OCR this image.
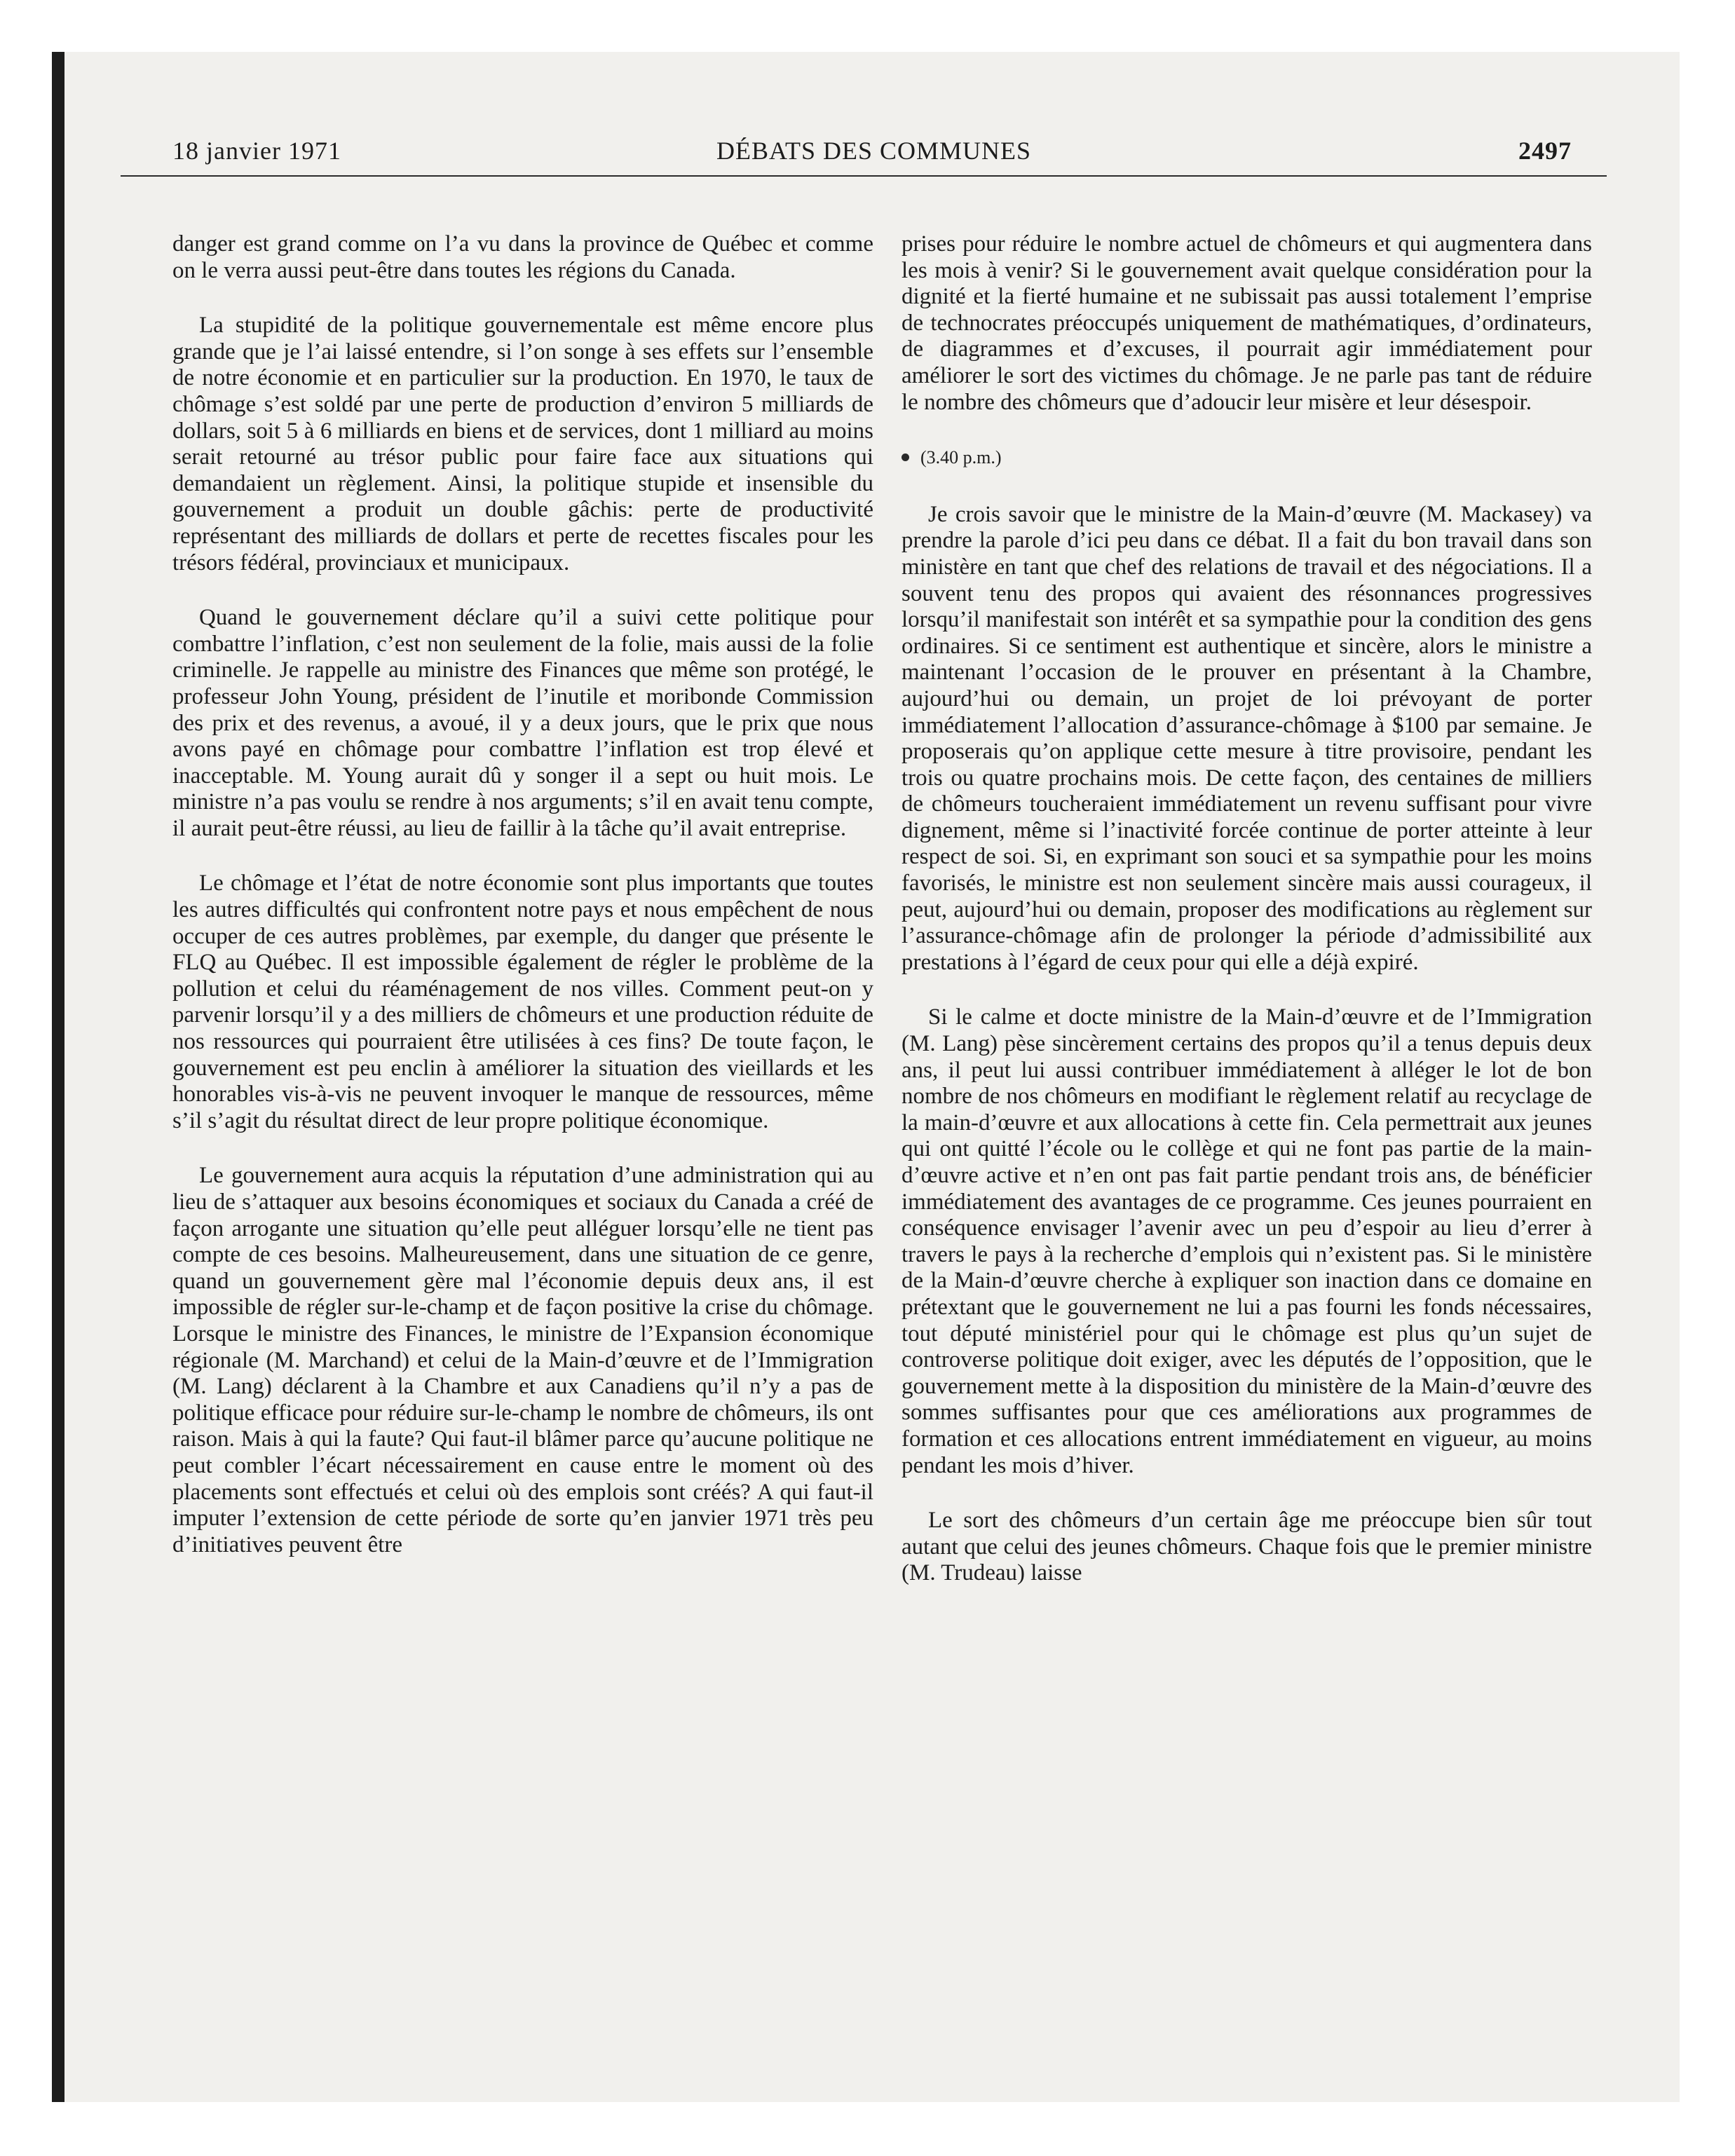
18 janvier 1971	DÉBATS DES COMMUNES	2497

danger est grand comme on l’a vu dans la province de Québec et comme on le verra aussi peut-être dans toutes les régions du Canada.

La stupidité de la politique gouvernementale est même encore plus grande que je l’ai laissé entendre, si l’on songe à ses effets sur l’ensemble de notre économie et en particulier sur la production. En 1970, le taux de chômage s’est soldé par une perte de production d’environ 5 milliards de dollars, soit 5 à 6 milliards en biens et de services, dont 1 milliard au moins serait retourné au trésor public pour faire face aux situations qui demandaient un règlement. Ainsi, la politique stupide et insensible du gouvernement a produit un double gâchis: perte de productivité représentant des milliards de dollars et perte de recettes fiscales pour les trésors fédéral, provinciaux et municipaux.

Quand le gouvernement déclare qu’il a suivi cette politique pour combattre l’inflation, c’est non seulement de la folie, mais aussi de la folie criminelle. Je rappelle au ministre des Finances que même son protégé, le professeur John Young, président de l’inutile et moribonde Commission des prix et des revenus, a avoué, il y a deux jours, que le prix que nous avons payé en chômage pour combattre l’inflation est trop élevé et inacceptable. M. Young aurait dû y songer il a sept ou huit mois. Le ministre n’a pas voulu se rendre à nos arguments; s’il en avait tenu compte, il aurait peut-être réussi, au lieu de faillir à la tâche qu’il avait entreprise.

Le chômage et l’état de notre économie sont plus importants que toutes les autres difficultés qui confrontent notre pays et nous empêchent de nous occuper de ces autres problèmes, par exemple, du danger que présente le FLQ au Québec. Il est impossible également de régler le problème de la pollution et celui du réaménagement de nos villes. Comment peut-on y parvenir lorsqu’il y a des milliers de chômeurs et une production réduite de nos ressources qui pourraient être utilisées à ces fins? De toute façon, le gouvernement est peu enclin à améliorer la situation des vieillards et les honorables vis-à-vis ne peuvent invoquer le manque de ressources, même s’il s’agit du résultat direct de leur propre politique économique.

Le gouvernement aura acquis la réputation d’une administration qui au lieu de s’attaquer aux besoins économiques et sociaux du Canada a créé de façon arrogante une situation qu’elle peut alléguer lorsqu’elle ne tient pas compte de ces besoins. Malheureusement, dans une situation de ce genre, quand un gouvernement gère mal l’économie depuis deux ans, il est impossible de régler sur-le-champ et de façon positive la crise du chômage. Lorsque le ministre des Finances, le ministre de l’Expansion économique régionale (M. Marchand) et celui de la Main-d’œuvre et de l’Immigration (M. Lang) déclarent à la Chambre et aux Canadiens qu’il n’y a pas de politique efficace pour réduire sur-le-champ le nombre de chômeurs, ils ont raison. Mais à qui la faute? Qui faut-il blâmer parce qu’aucune politique ne peut combler l’écart nécessairement en cause entre le moment où des placements sont effectués et celui où des emplois sont créés? A qui faut-il imputer l’extension de cette période de sorte qu’en janvier 1971 très peu d’initiatives peuvent être

prises pour réduire le nombre actuel de chômeurs et qui augmentera dans les mois à venir? Si le gouvernement avait quelque considération pour la dignité et la fierté humaine et ne subissait pas aussi totalement l’emprise de technocrates préoccupés uniquement de mathématiques, d’ordinateurs, de diagrammes et d’excuses, il pourrait agir immédiatement pour améliorer le sort des victimes du chômage. Je ne parle pas tant de réduire le nombre des chômeurs que d’adoucir leur misère et leur désespoir.

(3.40 p.m.)

Je crois savoir que le ministre de la Main-d’œuvre (M. Mackasey) va prendre la parole d’ici peu dans ce débat. Il a fait du bon travail dans son ministère en tant que chef des relations de travail et des négociations. Il a souvent tenu des propos qui avaient des résonnances progressives lorsqu’il manifestait son intérêt et sa sympathie pour la condition des gens ordinaires. Si ce sentiment est authentique et sincère, alors le ministre a maintenant l’occasion de le prouver en présentant à la Chambre, aujourd’hui ou demain, un projet de loi prévoyant de porter immédiatement l’allocation d’assurance-chômage à $100 par semaine. Je proposerais qu’on applique cette mesure à titre provisoire, pendant les trois ou quatre prochains mois. De cette façon, des centaines de milliers de chômeurs toucheraient immédiatement un revenu suffisant pour vivre dignement, même si l’inactivité forcée continue de porter atteinte à leur respect de soi. Si, en exprimant son souci et sa sympathie pour les moins favorisés, le ministre est non seulement sincère mais aussi courageux, il peut, aujourd’hui ou demain, proposer des modifications au règlement sur l’assurance-chômage afin de prolonger la période d’admissibilité aux prestations à l’égard de ceux pour qui elle a déjà expiré.

Si le calme et docte ministre de la Main-d’œuvre et de l’Immigration (M. Lang) pèse sincèrement certains des propos qu’il a tenus depuis deux ans, il peut lui aussi contribuer immédiatement à alléger le lot de bon nombre de nos chômeurs en modifiant le règlement relatif au recyclage de la main-d’œuvre et aux allocations à cette fin. Cela permettrait aux jeunes qui ont quitté l’école ou le collège et qui ne font pas partie de la main-d’œuvre active et n’en ont pas fait partie pendant trois ans, de bénéficier immédiatement des avantages de ce programme. Ces jeunes pourraient en conséquence envisager l’avenir avec un peu d’espoir au lieu d’errer à travers le pays à la recherche d’emplois qui n’existent pas. Si le ministère de la Main-d’œuvre cherche à expliquer son inaction dans ce domaine en prétextant que le gouvernement ne lui a pas fourni les fonds nécessaires, tout député ministériel pour qui le chômage est plus qu’un sujet de controverse politique doit exiger, avec les députés de l’opposition, que le gouvernement mette à la disposition du ministère de la Main-d’œuvre des sommes suffisantes pour que ces améliorations aux programmes de formation et ces allocations entrent immédiatement en vigueur, au moins pendant les mois d’hiver.

Le sort des chômeurs d’un certain âge me préoccupe bien sûr tout autant que celui des jeunes chômeurs. Chaque fois que le premier ministre (M. Trudeau) laisse
